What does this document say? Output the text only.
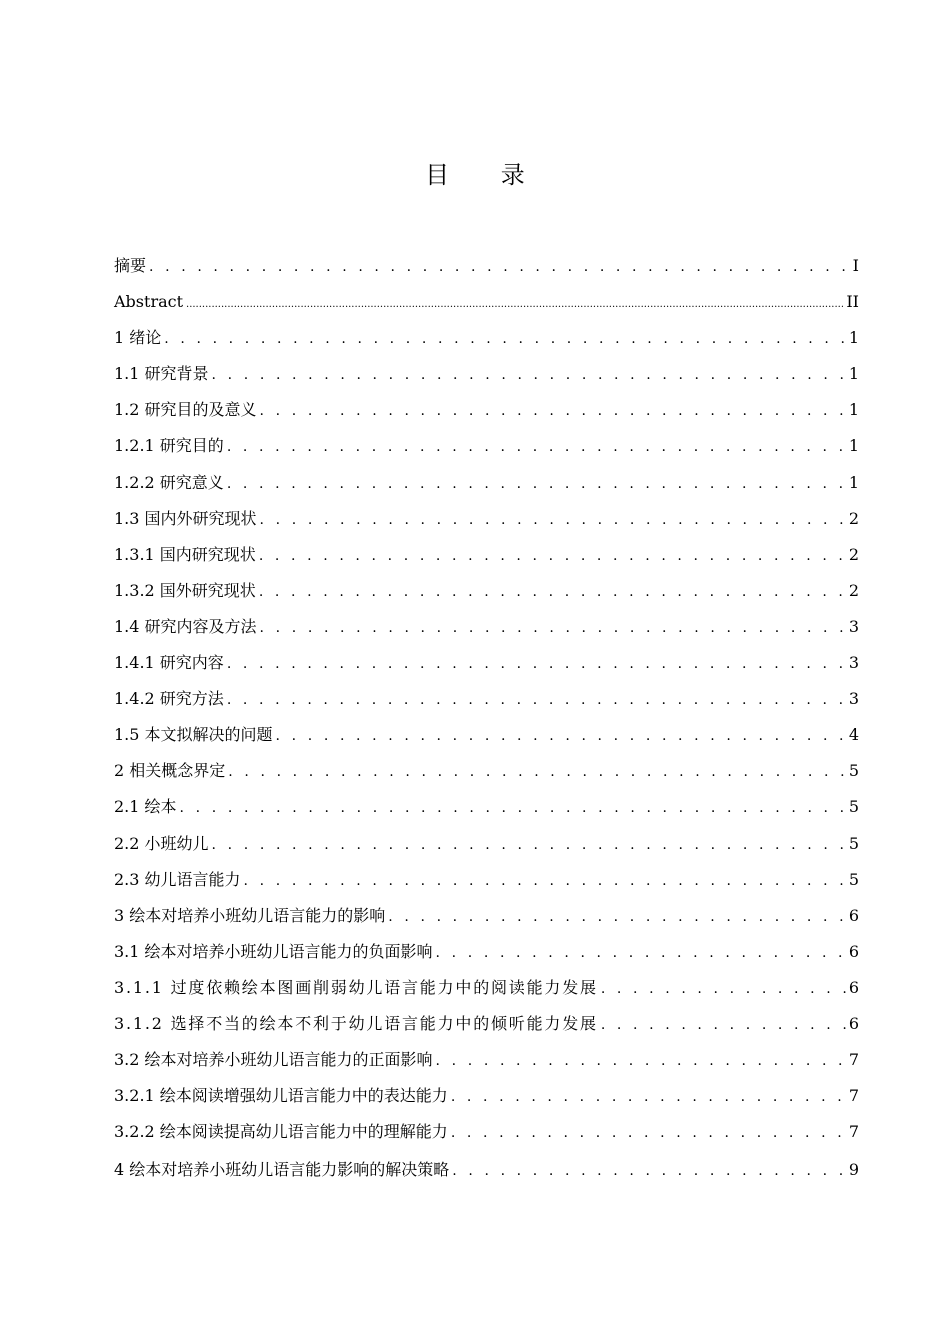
目 录
摘要 . . .	I
Abstract .....	II
1 绪论 . . .	1
1.1 研究背景 . . .	1
1.2 研究目的及意义 . . .	1
1.2.1 研究目的 . . .	1
1.2.2 研究意义 . . .	1
1.3 国内外研究现状 . . .	2
1.3.1 国内研究现状 . . .	2
1.3.2 国外研究现状 . . .	2
1.4 研究内容及方法 . . .	3
1.4.1 研究内容 . . .	3
1.4.2 研究方法 . . .	3
1.5 本文拟解决的问题 . . .	4
2 相关概念界定 . . .	5
2.1 绘本 . . .	5
2.2 小班幼儿 . . .	5
2.3 幼儿语言能力 . . .	5
3 绘本对培养小班幼儿语言能力的影响 . . .	6
3.1 绘本对培养小班幼儿语言能力的负面影响 . . .	6
3.1.1 过度依赖绘本图画削弱幼儿语言能力中的阅读能力发展 . . .	6
3.1.2 选择不当的绘本不利于幼儿语言能力中的倾听能力发展 . . .	6
3.2 绘本对培养小班幼儿语言能力的正面影响 . . .	7
3.2.1 绘本阅读增强幼儿语言能力中的表达能力 . . .	7
3.2.2 绘本阅读提高幼儿语言能力中的理解能力 . . .	7
4 绘本对培养小班幼儿语言能力影响的解决策略 . . .	9
